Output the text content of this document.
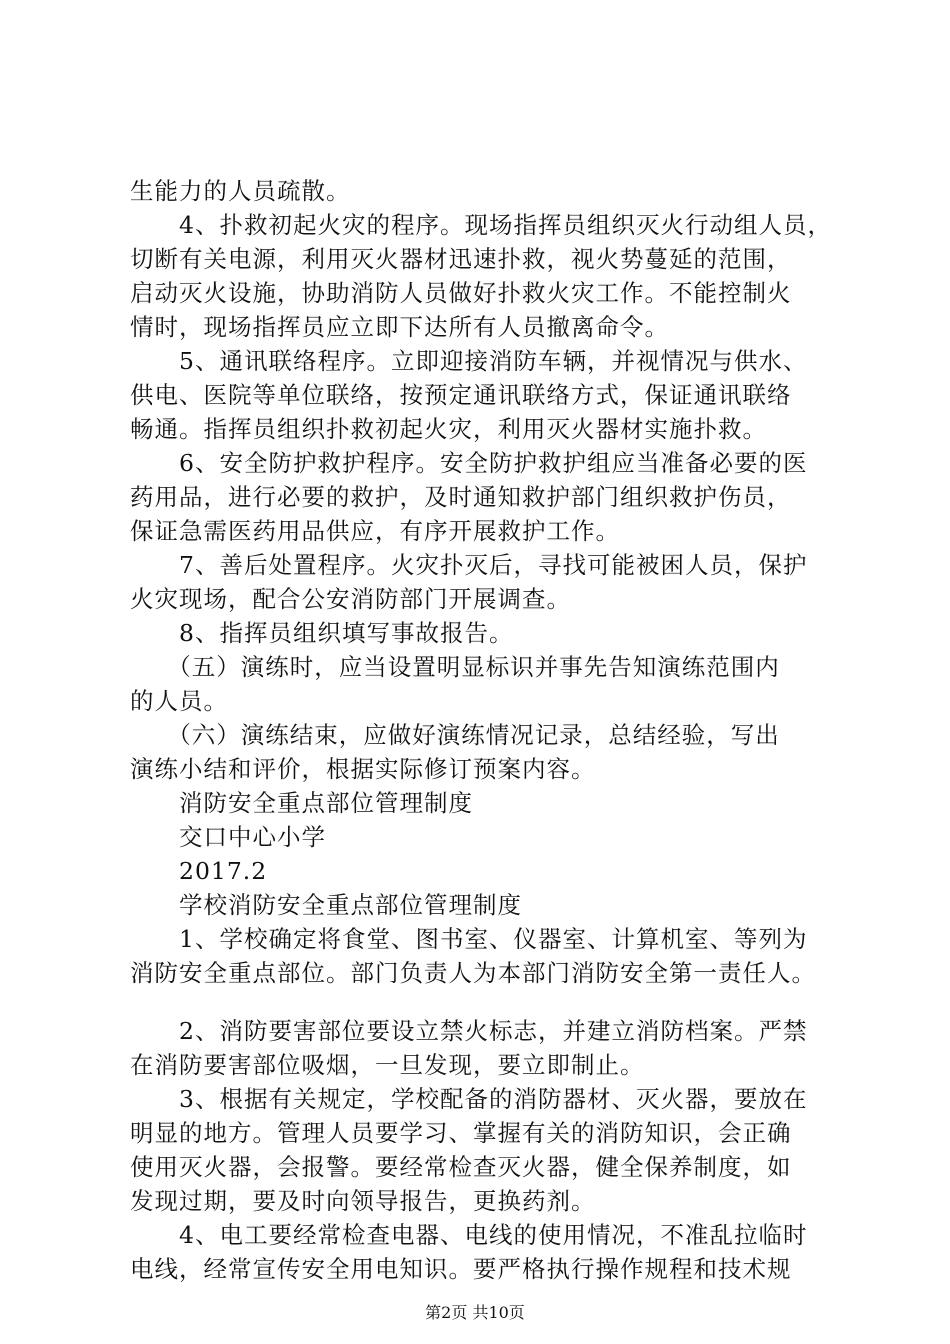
生能力的人员疏散。
　　4、扑救初起火灾的程序。现场指挥员组织灭火行动组人员，
切断有关电源，利用灭火器材迅速扑救，视火势蔓延的范围，
启动灭火设施，协助消防人员做好扑救火灾工作。不能控制火
情时，现场指挥员应立即下达所有人员撤离命令。
　　5、通讯联络程序。立即迎接消防车辆，并视情况与供水、
供电、医院等单位联络，按预定通讯联络方式，保证通讯联络
畅通。指挥员组织扑救初起火灾，利用灭火器材实施扑救。
　　6、安全防护救护程序。安全防护救护组应当准备必要的医
药用品，进行必要的救护，及时通知救护部门组织救护伤员，
保证急需医药用品供应，有序开展救护工作。
　　7、善后处置程序。火灾扑灭后，寻找可能被困人员，保护
火灾现场，配合公安消防部门开展调查。
　　8、指挥员组织填写事故报告。
　　（五）演练时，应当设置明显标识并事先告知演练范围内
的人员。
　　（六）演练结束，应做好演练情况记录，总结经验，写出
演练小结和评价，根据实际修订预案内容。
　　消防安全重点部位管理制度
　　交口中心小学
　　2017.2
　　学校消防安全重点部位管理制度
　　1、学校确定将食堂、图书室、仪器室、计算机室、等列为
消防安全重点部位。部门负责人为本部门消防安全第一责任人。
　　2、消防要害部位要设立禁火标志，并建立消防档案。严禁
在消防要害部位吸烟，一旦发现，要立即制止。
　　3、根据有关规定，学校配备的消防器材、灭火器，要放在
明显的地方。管理人员要学习、掌握有关的消防知识，会正确
使用灭火器，会报警。要经常检查灭火器，健全保养制度，如
发现过期，要及时向领导报告，更换药剂。
　　4、电工要经常检查电器、电线的使用情况，不准乱拉临时
电线，经常宣传安全用电知识。要严格执行操作规程和技术规
第2页 共10页
